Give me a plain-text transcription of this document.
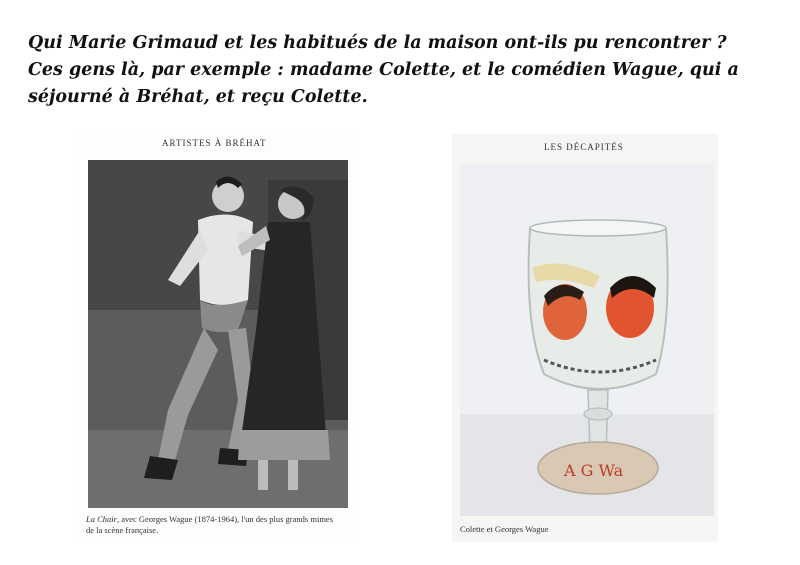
Qui Marie Grimaud et les habitués de la maison ont-ils pu rencontrer ?
Ces gens là, par exemple : madame Colette, et le comédien Wague, qui a
séjourné à Bréhat, et reçu Colette.
ARTISTES À BRÉHAT
La Chair, avec Georges Wague (1874-1964), l'un des plus grands mimes
de la scène française.
LES DÉCAPITÉS
A G Wa
Colette et Georges Wague
